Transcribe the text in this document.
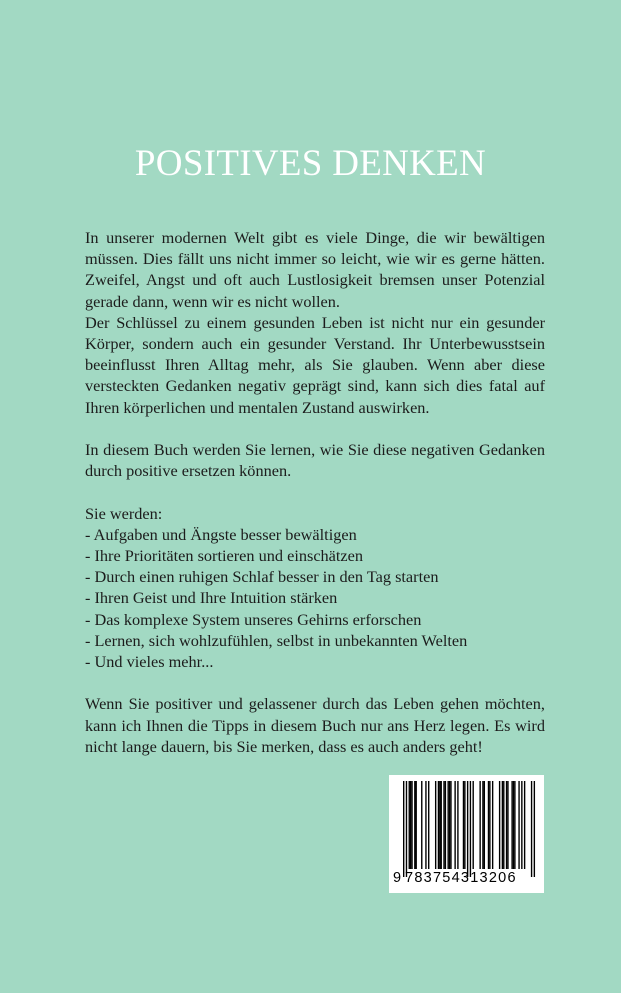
POSITIVES DENKEN

In unserer modernen Welt gibt es viele Dinge, die wir bewältigen müssen. Dies fällt uns nicht immer so leicht, wie wir es gerne hätten. Zweifel, Angst und oft auch Lustlosigkeit bremsen unser Potenzial gerade dann, wenn wir es nicht wollen.

Der Schlüssel zu einem gesunden Leben ist nicht nur ein gesunder Körper, sondern auch ein gesunder Verstand. Ihr Unterbewusstsein beeinflusst Ihren Alltag mehr, als Sie glauben. Wenn aber diese versteckten Gedanken negativ geprägt sind, kann sich dies fatal auf Ihren körperlichen und mentalen Zustand auswirken.

In diesem Buch werden Sie lernen, wie Sie diese negativen Gedanken durch positive ersetzen können.

Sie werden:

- Aufgaben und Ängste besser bewältigen
- Ihre Prioritäten sortieren und einschätzen
- Durch einen ruhigen Schlaf besser in den Tag starten
- Ihren Geist und Ihre Intuition stärken
- Das komplexe System unseres Gehirns erforschen
- Lernen, sich wohlzufühlen, selbst in unbekannten Welten
- Und vieles mehr...

Wenn Sie positiver und gelassener durch das Leben gehen möchten, kann ich Ihnen die Tipps in diesem Buch nur ans Herz legen. Es wird nicht lange dauern, bis Sie merken, dass es auch anders geht!

9 783754313206
